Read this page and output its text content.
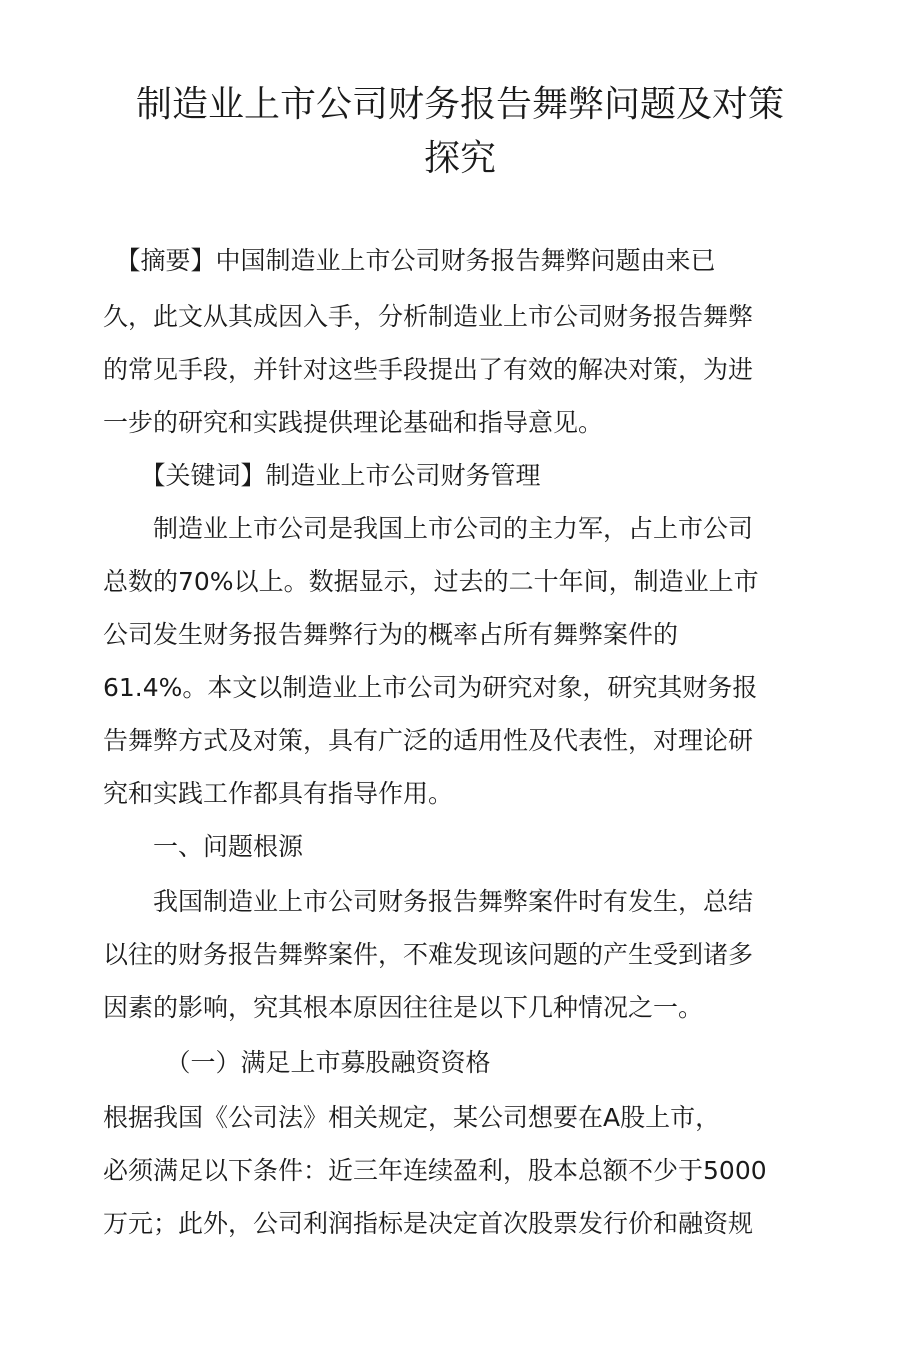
制造业上市公司财务报告舞弊问题及对策
探究
　【摘要】中国制造业上市公司财务报告舞弊问题由来已
久，此文从其成因入手，分析制造业上市公司财务报告舞弊
的常见手段，并针对这些手段提出了有效的解决对策，为进
一步的研究和实践提供理论基础和指导意见。
　　【关键词】制造业上市公司财务管理
　　制造业上市公司是我国上市公司的主力军，占上市公司
总数的70%以上。数据显示，过去的二十年间，制造业上市
公司发生财务报告舞弊行为的概率占所有舞弊案件的
61.4%。本文以制造业上市公司为研究对象，研究其财务报
告舞弊方式及对策，具有广泛的适用性及代表性，对理论研
究和实践工作都具有指导作用。
　　一、问题根源
　　我国制造业上市公司财务报告舞弊案件时有发生，总结
以往的财务报告舞弊案件，不难发现该问题的产生受到诸多
因素的影响，究其根本原因往往是以下几种情况之一。
　　　（一）满足上市募股融资资格
根据我国《公司法》相关规定，某公司想要在A股上市，
必须满足以下条件：近三年连续盈利，股本总额不少于5000
万元；此外，公司利润指标是决定首次股票发行价和融资规
